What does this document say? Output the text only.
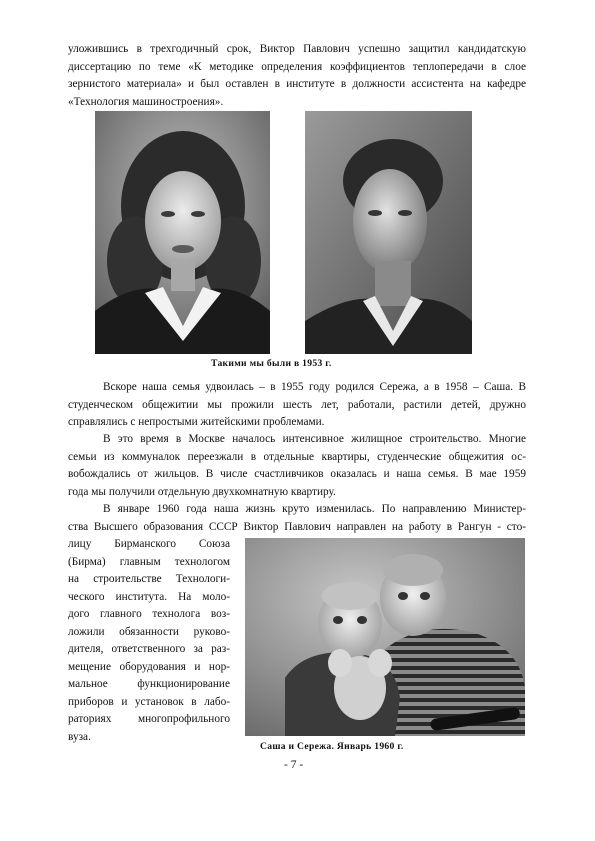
уложившись в трехгодичный срок, Виктор Павлович успешно защитил кандидатскую
диссертацию по теме «К методике определения коэффициентов теплопередачи в слое
зернистого материала» и был оставлен в институте в должности ассистента на кафедре
«Технология машиностроения».
Такими мы были в 1953 г.
Вскоре наша семья удвоилась – в 1955 году родился Сережа, а в 1958 – Саша. В
студенческом общежитии мы прожили шесть лет, работали, растили детей, дружно
справлялись с непростыми житейскими проблемами.
В это время в Москве началось интенсивное жилищное строительство. Многие
семьи из коммуналок переезжали в отдельные квартиры, студенческие общежития ос-
вобождались от жильцов. В числе счастливчиков оказалась и наша семья. В мае 1959
года мы получили отдельную двухкомнатную квартиру.
В январе 1960 года наша жизнь круто изменилась. По направлению Министер-
ства Высшего образования СССР Виктор Павлович направлен на работу в Рангун - сто-
лицу Бирманского Союза
(Бирма) главным технологом
на строительстве Технологи-
ческого института. На моло-
дого главного технолога воз-
ложили обязанности руково-
дителя, ответственного за раз-
мещение оборудования и нор-
мальное функционирование
приборов и установок в лабо-
раториях многопрофильного
вуза.
Саша и Сережа. Январь 1960 г.
- 7 -
